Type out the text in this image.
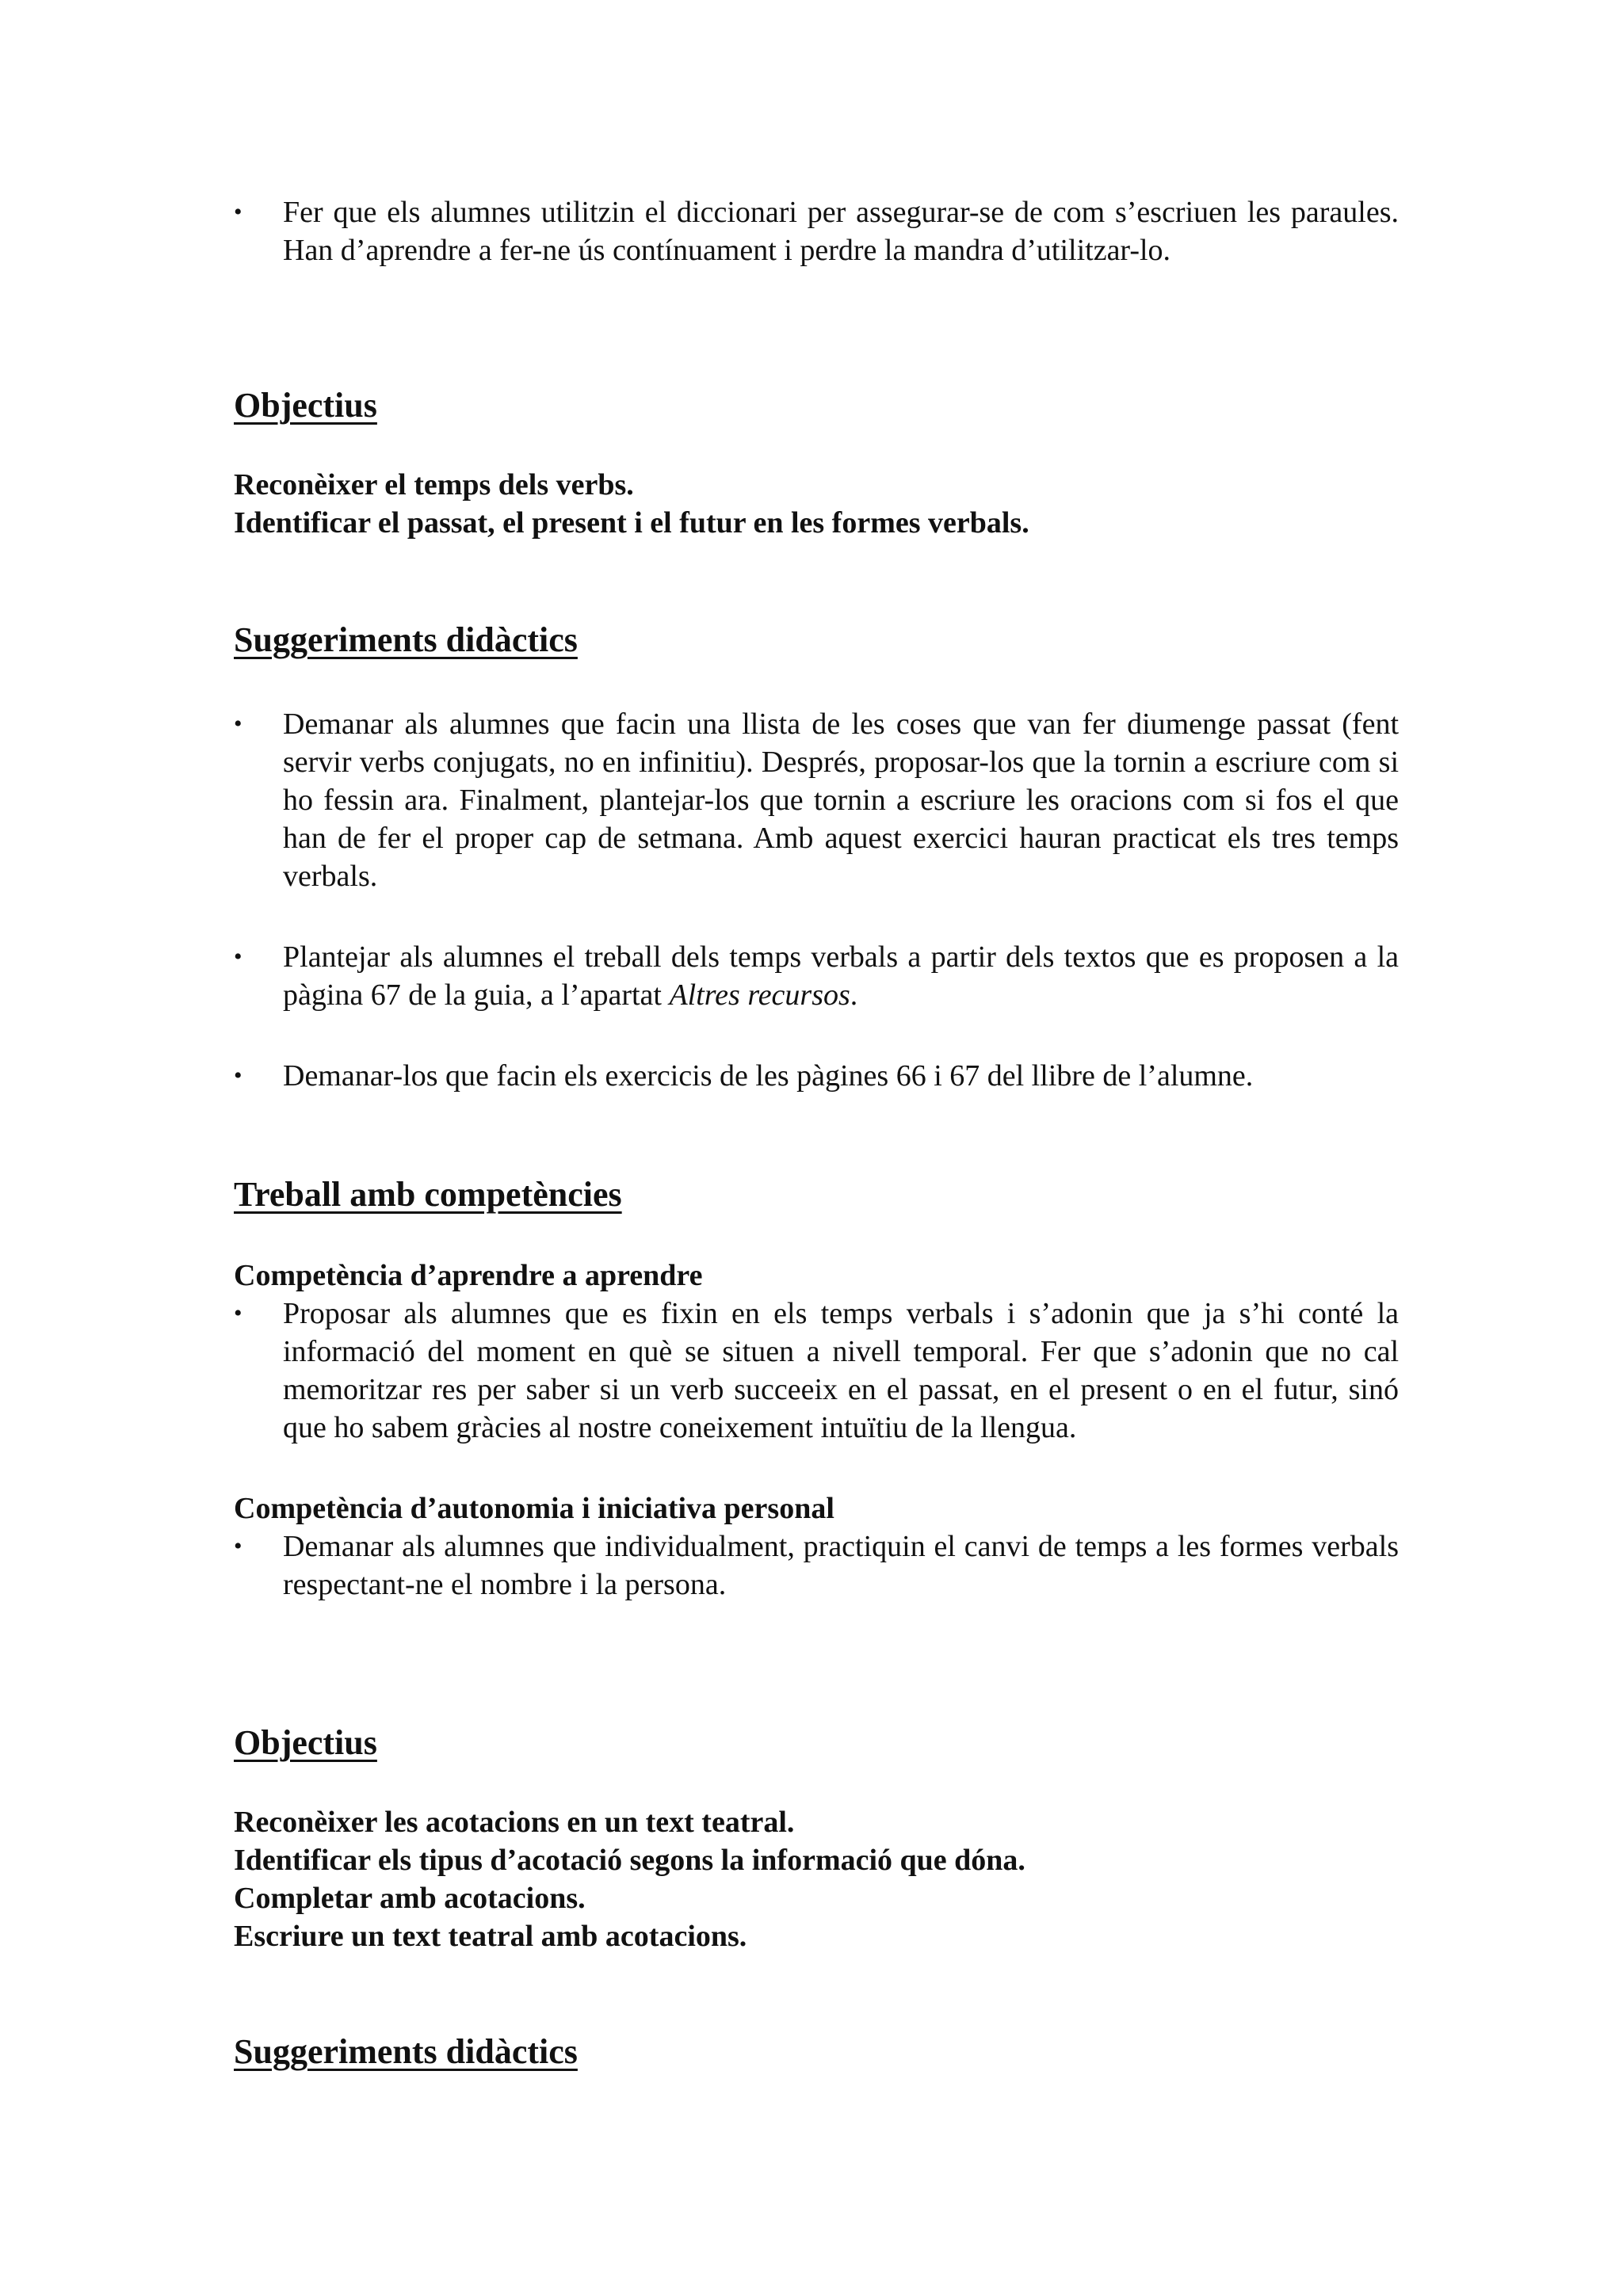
• Fer que els alumnes utilitzin el diccionari per assegurar-se de com s’escriuen les paraules. Han d’aprendre a fer-ne ús contínuament i perdre la mandra d’utilitzar-lo.
Objectius
Reconèixer el temps dels verbs.
Identificar el passat, el present i el futur en les formes verbals.
Suggeriments didàctics
• Demanar als alumnes que facin una llista de les coses que van fer diumenge passat (fent servir verbs conjugats, no en infinitiu). Després, proposar-los que la tornin a escriure com si ho fessin ara. Finalment, plantejar-los que tornin a escriure les oracions com si fos el que han de fer el proper cap de setmana. Amb aquest exercici hauran practicat els tres temps verbals.
• Plantejar als alumnes el treball dels temps verbals a partir dels textos que es proposen a la pàgina 67 de la guia, a l’apartat Altres recursos.
• Demanar-los que facin els exercicis de les pàgines 66 i 67 del llibre de l’alumne.
Treball amb competències
Competència d’aprendre a aprendre
• Proposar als alumnes que es fixin en els temps verbals i s’adonin que ja s’hi conté la informació del moment en què se situen a nivell temporal. Fer que s’adonin que no cal memoritzar res per saber si un verb succeeix en el passat, en el present o en el futur, sinó que ho sabem gràcies al nostre coneixement intuïtiu de la llengua.
Competència d’autonomia i iniciativa personal
• Demanar als alumnes que individualment, practiquin el canvi de temps a les formes verbals respectant-ne el nombre i la persona.
Objectius
Reconèixer les acotacions en un text teatral.
Identificar els tipus d’acotació segons la informació que dóna.
Completar amb acotacions.
Escriure un text teatral amb acotacions.
Suggeriments didàctics
